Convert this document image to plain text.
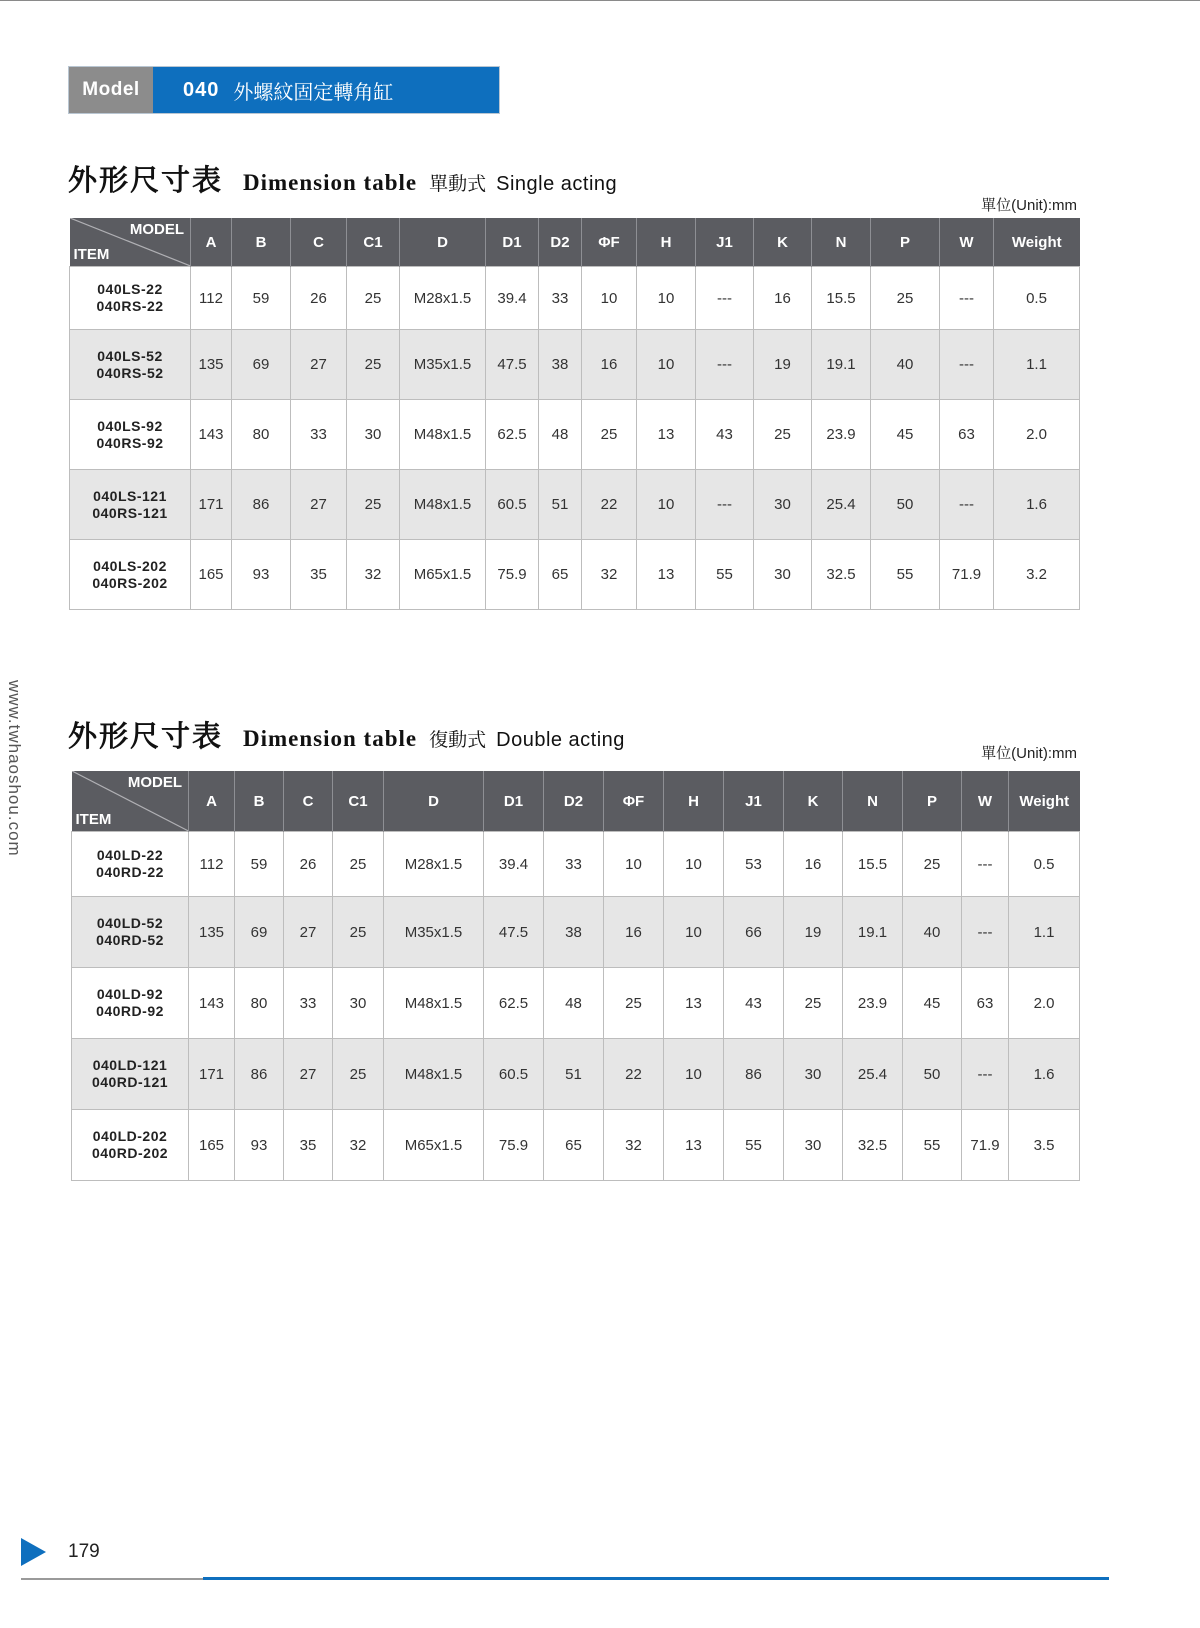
Model	040 外螺紋固定轉角缸
外形尺寸表 Dimension table 單動式 Single acting
單位(Unit):mm
MODEL
ITEM	A	B	C	C1	D	D1	D2	ΦF	H	J1	K	N	P	W	Weight

040LS-22
040RS-22	112	59	26	25	M28x1.5	39.4	33	10	10	---	16	15.5	25	---	0.5

040LS-52
040RS-52	135	69	27	25	M35x1.5	47.5	38	16	10	---	19	19.1	40	---	1.1

040LS-92
040RS-92	143	80	33	30	M48x1.5	62.5	48	25	13	43	25	23.9	45	63	2.0

040LS-121
040RS-121	171	86	27	25	M48x1.5	60.5	51	22	10	---	30	25.4	50	---	1.6

040LS-202
040RS-202	165	93	35	32	M65x1.5	75.9	65	32	13	55	30	32.5	55	71.9	3.2
外形尺寸表 Dimension table 復動式 Double acting
單位(Unit):mm
MODEL
ITEM	A	B	C	C1	D	D1	D2	ΦF	H	J1	K	N	P	W	Weight

040LD-22
040RD-22	112	59	26	25	M28x1.5	39.4	33	10	10	53	16	15.5	25	---	0.5

040LD-52
040RD-52	135	69	27	25	M35x1.5	47.5	38	16	10	66	19	19.1	40	---	1.1

040LD-92
040RD-92	143	80	33	30	M48x1.5	62.5	48	25	13	43	25	23.9	45	63	2.0

040LD-121
040RD-121	171	86	27	25	M48x1.5	60.5	51	22	10	86	30	25.4	50	---	1.6

040LD-202
040RD-202	165	93	35	32	M65x1.5	75.9	65	32	13	55	30	32.5	55	71.9	3.5
www.twhaoshou.com
179
